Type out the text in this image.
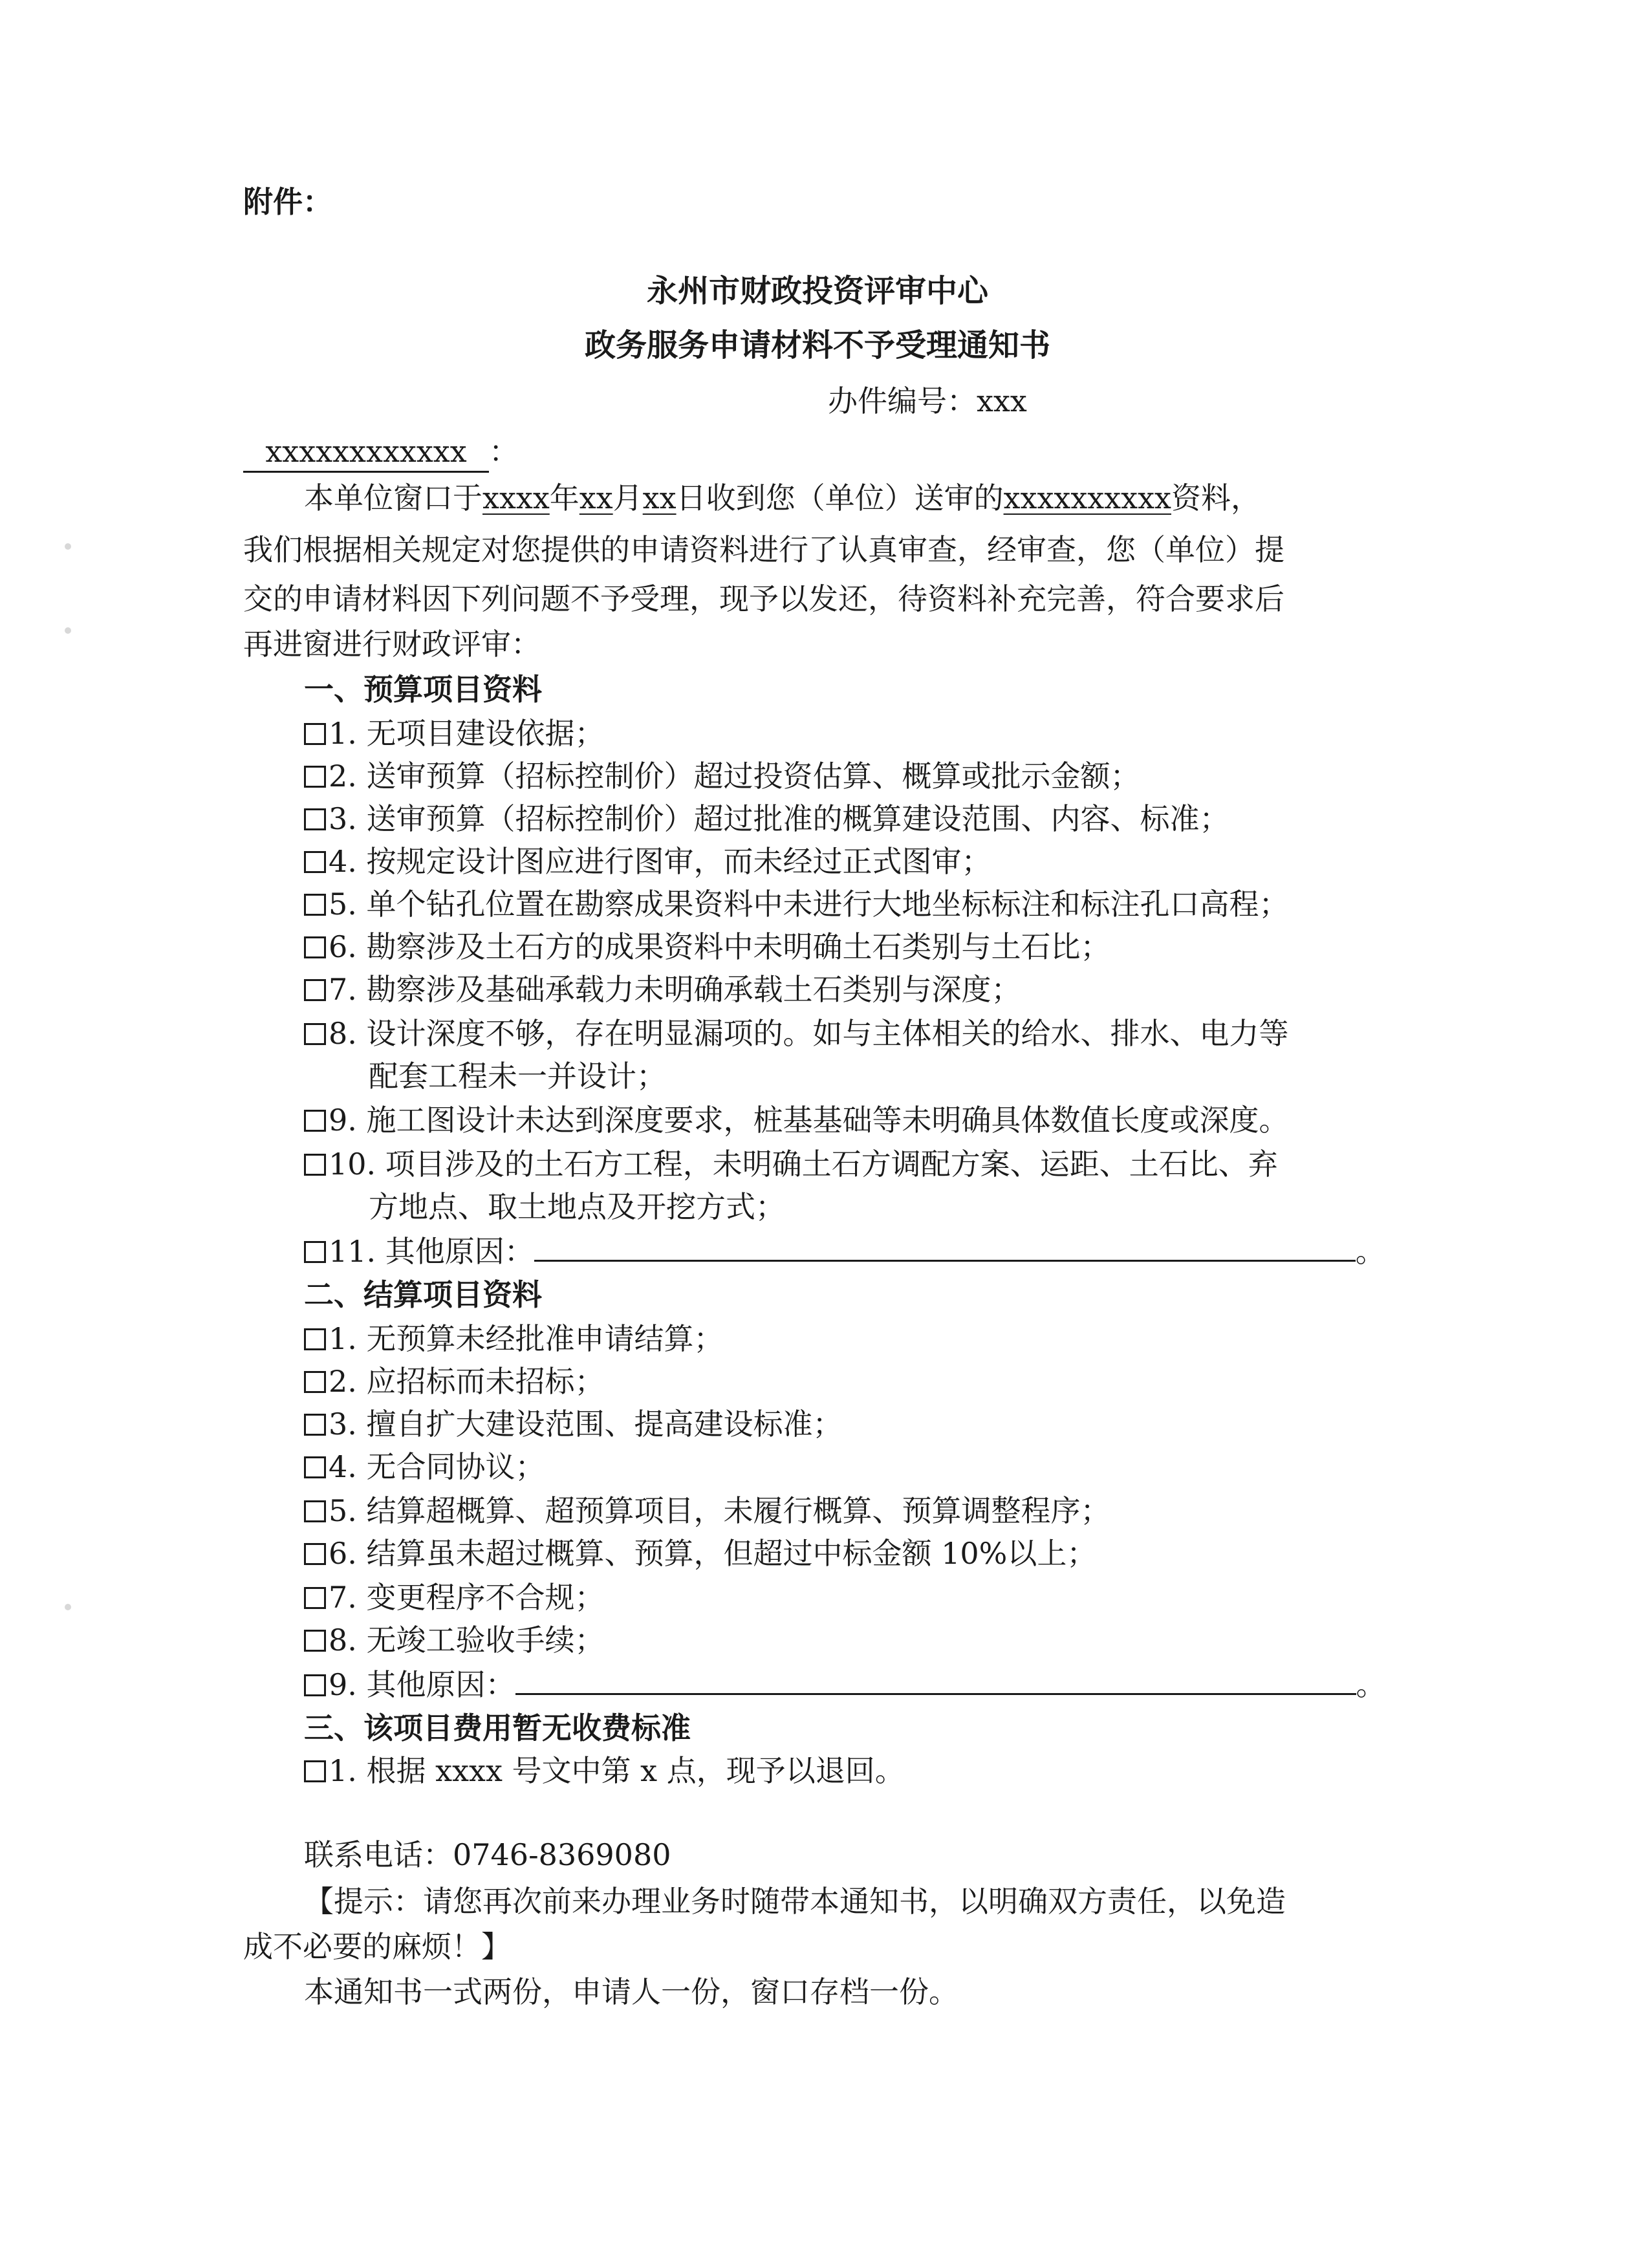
附件：
永州市财政投资评审中心
政务服务申请材料不予受理通知书
办件编号：xxx
xxxxxxxxxxxx ：
本单位窗口于xxxx年xx月xx日收到您（单位）送审的xxxxxxxxxx资料，
我们根据相关规定对您提供的申请资料进行了认真审查，经审查，您（单位）提
交的申请材料因下列问题不予受理，现予以发还，待资料补充完善，符合要求后
再进窗进行财政评审：
一、预算项目资料
1. 无项目建设依据；
2. 送审预算（招标控制价）超过投资估算、概算或批示金额；
3. 送审预算（招标控制价）超过批准的概算建设范围、内容、标准；
4. 按规定设计图应进行图审，而未经过正式图审；
5. 单个钻孔位置在勘察成果资料中未进行大地坐标标注和标注孔口高程；
6. 勘察涉及土石方的成果资料中未明确土石类别与土石比；
7. 勘察涉及基础承载力未明确承载土石类别与深度；
8. 设计深度不够，存在明显漏项的。如与主体相关的给水、排水、电力等
配套工程未一并设计；
9. 施工图设计未达到深度要求，桩基基础等未明确具体数值长度或深度。
10. 项目涉及的土石方工程，未明确土石方调配方案、运距、土石比、弃
方地点、取土地点及开挖方式；
11. 其他原因：	。
二、结算项目资料
1. 无预算未经批准申请结算；
2. 应招标而未招标；
3. 擅自扩大建设范围、提高建设标准；
4. 无合同协议；
5. 结算超概算、超预算项目，未履行概算、预算调整程序；
6. 结算虽未超过概算、预算，但超过中标金额 10%以上；
7. 变更程序不合规；
8. 无竣工验收手续；
9. 其他原因：	。
三、该项目费用暂无收费标准
1. 根据 xxxx 号文中第 x 点，现予以退回。
联系电话：0746-8369080
【提示：请您再次前来办理业务时随带本通知书，以明确双方责任，以免造
成不必要的麻烦！】
本通知书一式两份，申请人一份，窗口存档一份。
